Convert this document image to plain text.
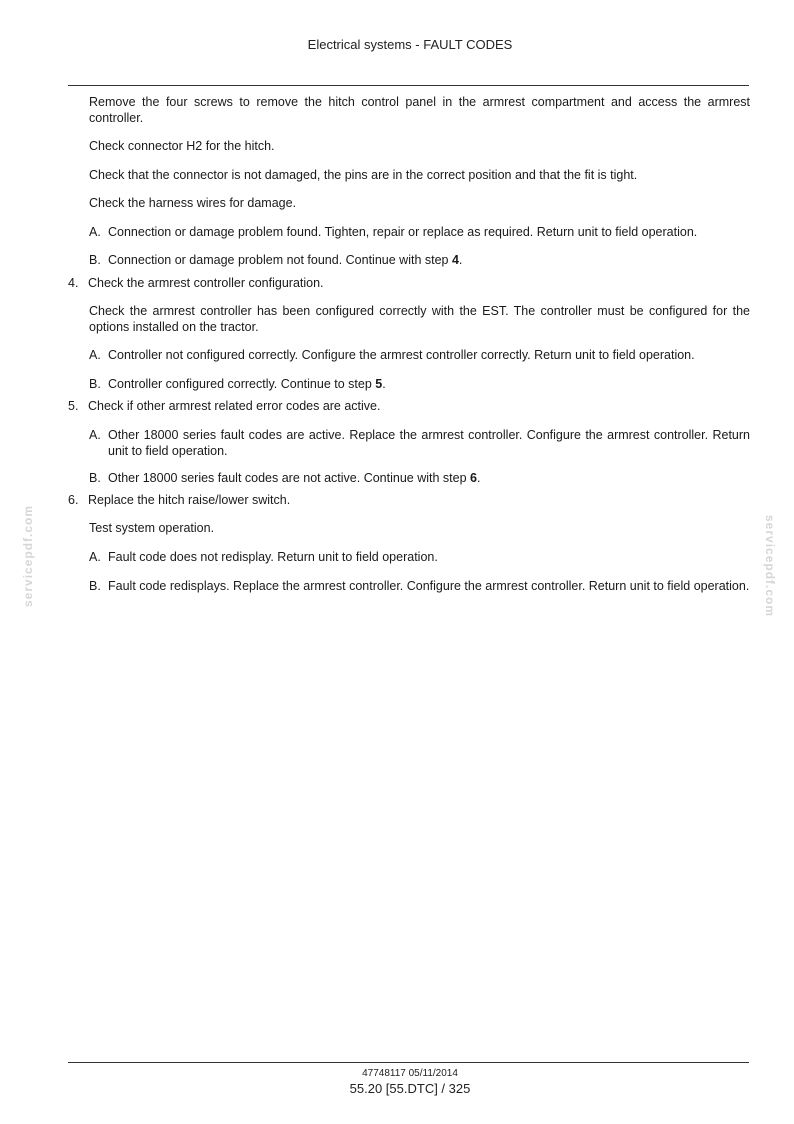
Electrical systems - FAULT CODES

Remove the four screws to remove the hitch control panel in the armrest compartment and access the armrest controller.

Check connector H2 for the hitch.

Check that the connector is not damaged, the pins are in the correct position and that the fit is tight.

Check the harness wires for damage.

A. Connection or damage problem found. Tighten, repair or replace as required. Return unit to field operation.

B. Connection or damage problem not found. Continue with step 4.

4. Check the armrest controller configuration.

Check the armrest controller has been configured correctly with the EST. The controller must be configured for the options installed on the tractor.

A. Controller not configured correctly. Configure the armrest controller correctly. Return unit to field operation.

B. Controller configured correctly. Continue to step 5.

5. Check if other armrest related error codes are active.

A. Other 18000 series fault codes are active. Replace the armrest controller. Configure the armrest controller. Return unit to field operation.

B. Other 18000 series fault codes are not active. Continue with step 6.

6. Replace the hitch raise/lower switch.

Test system operation.

A. Fault code does not redisplay. Return unit to field operation.

B. Fault code redisplays. Replace the armrest controller. Configure the armrest controller. Return unit to field operation.

servicepdf.com	servicepdf.com
47748117 05/11/2014
55.20 [55.DTC] / 325
